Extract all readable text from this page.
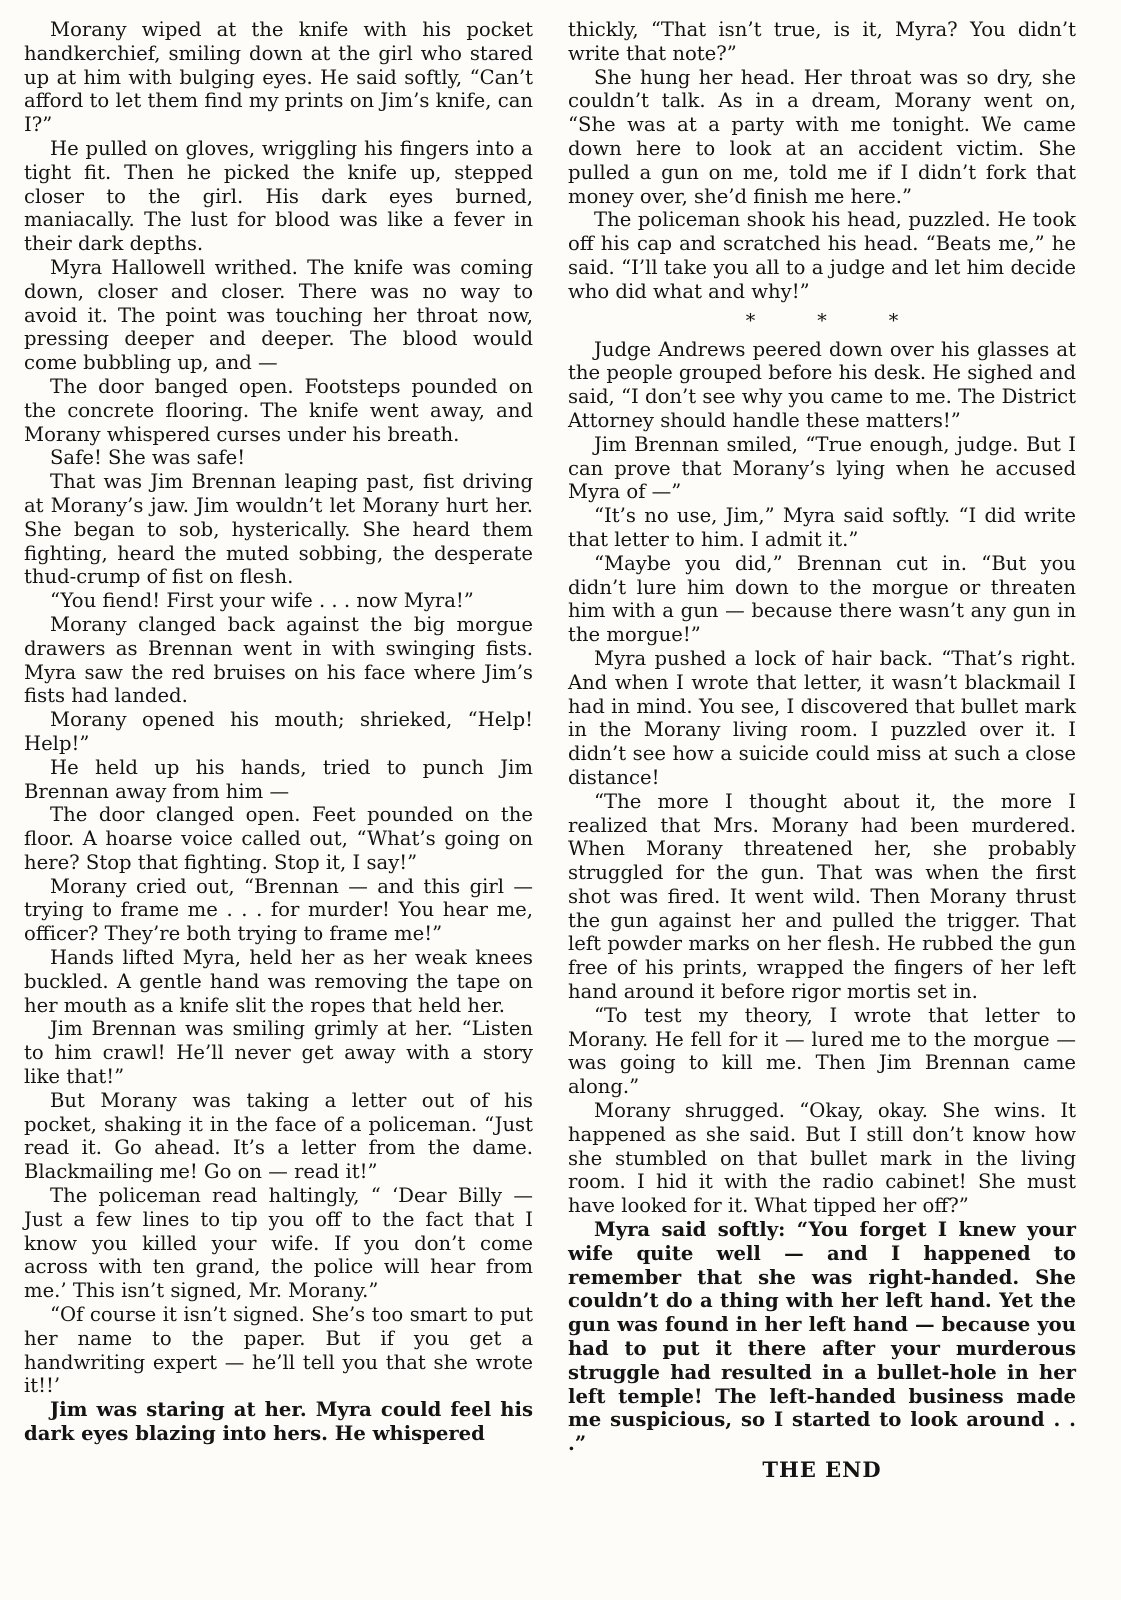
Morany wiped at the knife with his pocket handkerchief, smiling down at the girl who stared up at him with bulging eyes. He said softly, “Can’t afford to let them find my prints on Jim’s knife, can I?”

He pulled on gloves, wriggling his fingers into a tight fit. Then he picked the knife up, stepped closer to the girl. His dark eyes burned, maniacally. The lust for blood was like a fever in their dark depths.

Myra Hallowell writhed. The knife was coming down, closer and closer. There was no way to avoid it. The point was touching her throat now, pressing deeper and deeper. The blood would come bubbling up, and —

The door banged open. Footsteps pounded on the concrete flooring. The knife went away, and Morany whispered curses under his breath.

Safe! She was safe!

That was Jim Brennan leaping past, fist driving at Morany’s jaw. Jim wouldn’t let Morany hurt her. She began to sob, hysterically. She heard them fighting, heard the muted sobbing, the desperate thud-crump of fist on flesh.

“You fiend! First your wife . . . now Myra!”

Morany clanged back against the big morgue drawers as Brennan went in with swinging fists. Myra saw the red bruises on his face where Jim’s fists had landed.

Morany opened his mouth; shrieked, “Help! Help!”

He held up his hands, tried to punch Jim Brennan away from him —

The door clanged open. Feet pounded on the floor. A hoarse voice called out, “What’s going on here? Stop that fighting. Stop it, I say!”

Morany cried out, “Brennan — and this girl — trying to frame me . . . for murder! You hear me, officer? They’re both trying to frame me!”

Hands lifted Myra, held her as her weak knees buckled. A gentle hand was removing the tape on her mouth as a knife slit the ropes that held her.

Jim Brennan was smiling grimly at her. “Listen to him crawl! He’ll never get away with a story like that!”

But Morany was taking a letter out of his pocket, shaking it in the face of a policeman. “Just read it. Go ahead. It’s a letter from the dame. Blackmailing me! Go on — read it!”

The policeman read haltingly, “ ‘Dear Billy — Just a few lines to tip you off to the fact that I know you killed your wife. If you don’t come across with ten grand, the police will hear from me.’ This isn’t signed, Mr. Morany.”

“Of course it isn’t signed. She’s too smart to put her name to the paper. But if you get a handwriting expert — he’ll tell you that she wrote it!!’

Jim was staring at her. Myra could feel his dark eyes blazing into hers. He whispered

thickly, “That isn’t true, is it, Myra? You didn’t write that note?”

She hung her head. Her throat was so dry, she couldn’t talk. As in a dream, Morany went on, “She was at a party with me tonight. We came down here to look at an accident victim. She pulled a gun on me, told me if I didn’t fork that money over, she’d finish me here.”

The policeman shook his head, puzzled. He took off his cap and scratched his head. “Beats me,” he said. “I’ll take you all to a judge and let him decide who did what and why!”

* * *

Judge Andrews peered down over his glasses at the people grouped before his desk. He sighed and said, “I don’t see why you came to me. The District Attorney should handle these matters!”

Jim Brennan smiled, “True enough, judge. But I can prove that Morany’s lying when he accused Myra of —”

“It’s no use, Jim,” Myra said softly. “I did write that letter to him. I admit it.”

“Maybe you did,” Brennan cut in. “But you didn’t lure him down to the morgue or threaten him with a gun — because there wasn’t any gun in the morgue!”

Myra pushed a lock of hair back. “That’s right. And when I wrote that letter, it wasn’t blackmail I had in mind. You see, I discovered that bullet mark in the Morany living room. I puzzled over it. I didn’t see how a suicide could miss at such a close distance!

“The more I thought about it, the more I realized that Mrs. Morany had been murdered. When Morany threatened her, she probably struggled for the gun. That was when the first shot was fired. It went wild. Then Morany thrust the gun against her and pulled the trigger. That left powder marks on her flesh. He rubbed the gun free of his prints, wrapped the fingers of her left hand around it before rigor mortis set in.

“To test my theory, I wrote that letter to Morany. He fell for it — lured me to the morgue — was going to kill me. Then Jim Brennan came along.”

Morany shrugged. “Okay, okay. She wins. It happened as she said. But I still don’t know how she stumbled on that bullet mark in the living room. I hid it with the radio cabinet! She must have looked for it. What tipped her off?”

Myra said softly: “You forget I knew your wife quite well — and I happened to remember that she was right-handed. She couldn’t do a thing with her left hand. Yet the gun was found in her left hand — because you had to put it there after your murderous struggle had resulted in a bullet-hole in her left temple! The left-handed business made me suspicious, so I started to look around . . .”

THE END
